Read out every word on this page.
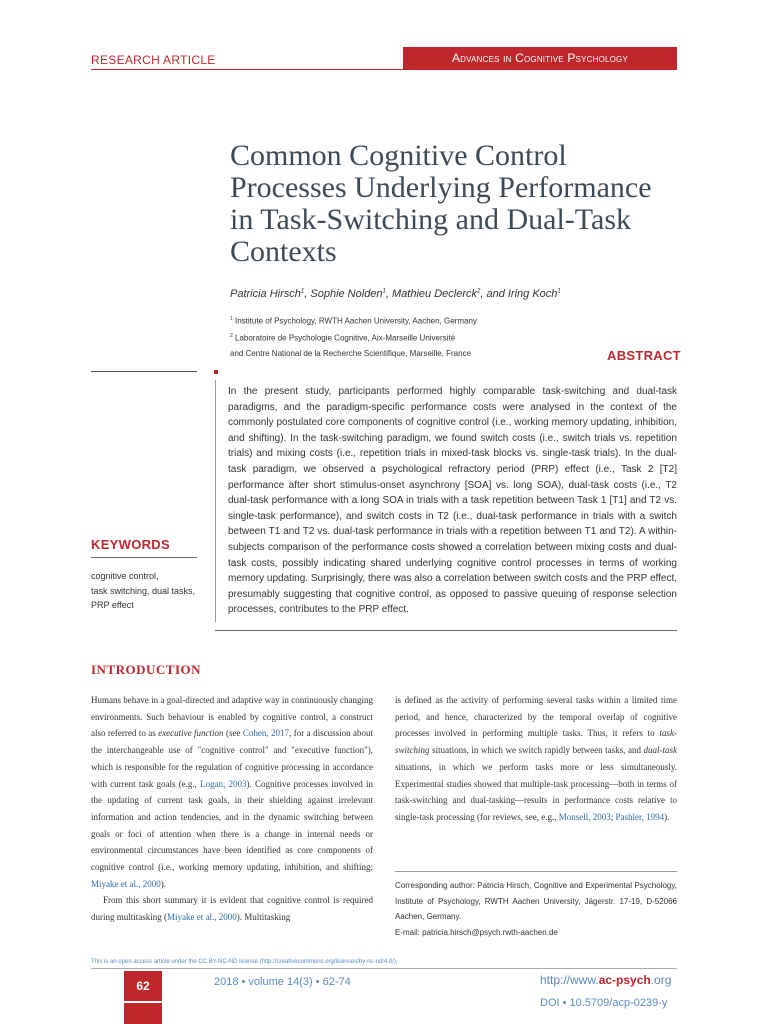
RESEARCH ARTICLE	Advances in Cognitive Psychology
Common Cognitive Control Processes Underlying Performance in Task-Switching and Dual-Task Contexts
Patricia Hirsch$^1$, Sophie Nolden$^1$, Mathieu Declerck$^2$, and Iring Koch$^1$
$^1$ Institute of Psychology, RWTH Aachen University, Aachen, Germany
$^2$ Laboratoire de Psychologie Cognitive, Aix-Marseille Université
and Centre National de la Recherche Scientifique, Marseille, France	ABSTRACT
In the present study, participants performed highly comparable task-switching and dual-task paradigms, and the paradigm-specific performance costs were analysed in the context of the commonly postulated core components of cognitive control (i.e., working memory updating, inhibition, and shifting). In the task-switching paradigm, we found switch costs (i.e., switch trials vs. repetition trials) and mixing costs (i.e., repetition trials in mixed-task blocks vs. single-task trials). In the dual-task paradigm, we observed a psychological refractory period (PRP) effect (i.e., Task 2 [T2] performance after short stimulus-onset asynchrony [SOA] vs. long SOA), dual-task costs (i.e., T2 dual-task performance with a long SOA in trials with a task repetition between Task 1 [T1] and T2 vs. single-task performance), and switch costs in T2 (i.e., dual-task performance in trials with a switch between T1 and T2 vs. dual-task performance in trials with a repetition between T1 and T2). A within-subjects comparison of the performance costs showed a correlation between mixing costs and dual-task costs, possibly indicating shared underlying cognitive control processes in terms of working memory updating. Surprisingly, there was also a correlation between switch costs and the PRP effect, presumably suggesting that cognitive control, as opposed to passive queuing of response selection processes, contributes to the PRP effect.
KEYWORDS
cognitive control,
task switching, dual tasks,
PRP effect
INTRODUCTION
Humans behave in a goal-directed and adaptive way in continuously changing environments. Such behaviour is enabled by cognitive control, a construct also referred to as executive function (see Cohen, 2017, for a discussion about the interchangeable use of "cognitive control" and "executive function"), which is responsible for the regulation of cognitive processing in accordance with current task goals (e.g., Logan, 2003). Cognitive processes involved in the updating of current task goals, in their shielding against irrelevant information and action tendencies, and in the dynamic switching between goals or foci of attention when there is a change in internal needs or environmental circumstances have been identified as core components of cognitive control (i.e., working memory updating, inhibition, and shifting; Miyake et al., 2000).
From this short summary it is evident that cognitive control is required during multitasking (Miyake et al., 2000). Multitasking
is defined as the activity of performing several tasks within a limited time period, and hence, characterized by the temporal overlap of cognitive processes involved in performing multiple tasks. Thus, it refers to task-switching situations, in which we switch rapidly between tasks, and dual-task situations, in which we perform tasks more or less simultaneously. Experimental studies showed that multiple-task processing—both in terms of task-switching and dual-tasking—results in performance costs relative to single-task processing (for reviews, see, e.g., Monsell, 2003; Pashler, 1994).
Corresponding author: Patricia Hirsch, Cognitive and Experimental Psychology, Institute of Psychology, RWTH Aachen University, Jägerstr. 17-19, D-52066 Aachen, Germany.
E-mail: patricia.hirsch@psych.rwth-aachen.de
This is an open access article under the CC BY-NC-ND license (http://creativecommons.org/licenses/by-nc-nd/4.0/).
62	2018 • volume 14(3) • 62-74	http://www.ac-psych.org
DOI • 10.5709/acp-0239-y
